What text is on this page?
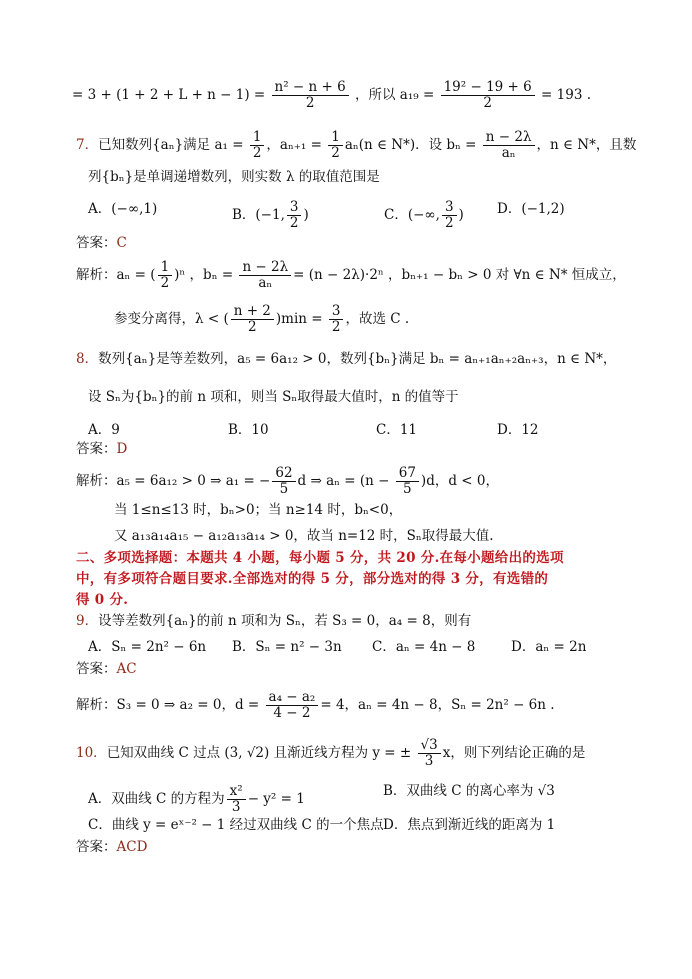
= $3 + (1 + 2 + L + n - 1) = \frac{\text{n² − n + 6}}{2}$ ，所以 $a_{19} = \frac{\text{19² − 19 + 6}}{2} = 193$ .
7．已知数列{aₙ}满足 $a_1 = \frac{1}{2}$ ，$a_{n+1} = \frac{1}{2} a_n(n$ ∈ N*)．设 $b_n = \frac{n - 2\lambda}{\text{aₙ}}$ ，n ∈ N*，且数
列{bₙ}是单调递增数列，则实数 λ 的取值范围是
A．(−∞,1)	B．(−1, $\frac{3}{2}$ )	C．(−∞, $\frac{3}{2}$ ) D．(−1,2)
答案：C
解析：aₙ = ( $\frac{1}{2} )^n$ ，$b_n = \frac{n - 2\lambda}{\text{aₙ}} = (n - 2\lambda)\cdot 2^n$ ，bₙ₊₁ − bₙ > 0 对 ∀n ∈ N* 恒成立，
参变分离得，λ < ( $\frac{n + 2}{2} )\min = \frac{3}{2}$ ，故选 C .
8．数列{aₙ}是等差数列，a₅ = 6a₁₂ > 0，数列{bₙ}满足 bₙ = aₙ₊₁aₙ₊₂aₙ₊₃，n ∈ N*，
设 Sₙ为{bₙ}的前 n 项和，则当 Sₙ取得最大值时，n 的值等于
A．9	B．10	C．11	D．12
答案：D
解析：a₅ = 6a₁₂ > 0 ⇒ a₁ = − $\frac{62}{5}$ d ⇒ $a_n = (n - \frac{67}{5} )d$，d < 0，
当 1≤n≤13 时，bₙ>0；当 n≥14 时，bₙ<0，
又 a₁₃a₁₄a₁₅ − a₁₂a₁₃a₁₄ > 0，故当 n=12 时，Sₙ取得最大值.
二、多项选择题：本题共 4 小题，每小题 5 分，共 20 分.在每小题给出的选项
中，有多项符合题目要求.全部选对的得 5 分，部分选对的得 3 分，有选错的
得 0 分.
9．设等差数列{aₙ}的前 n 项和为 Sₙ，若 S₃ = 0，a₄ = 8，则有
A．Sₙ = 2n² − 6n B．Sₙ = n² − 3n C．aₙ = 4n − 8	D．aₙ = 2n
答案：AC
解析：S₃ = 0 ⇒ a₂ = 0，$d = \frac{\text{a₄ − a₂}}{4 - 2} = 4$，aₙ = 4n − 8，Sₙ = 2n² − 6n .
10．已知双曲线 C 过点 (3, √2) 且渐近线方程为 y = ± $\frac{√3}{3}$ x，则下列结论正确的是
A．双曲线 C 的方程为 $\frac{\text{x²}}{3} - y^2 = 1$	B．双曲线 C 的离心率为 √3
C．曲线 y = eˣ⁻² − 1 经过双曲线 C 的一个焦点 D．焦点到渐近线的距离为 1
答案：ACD
